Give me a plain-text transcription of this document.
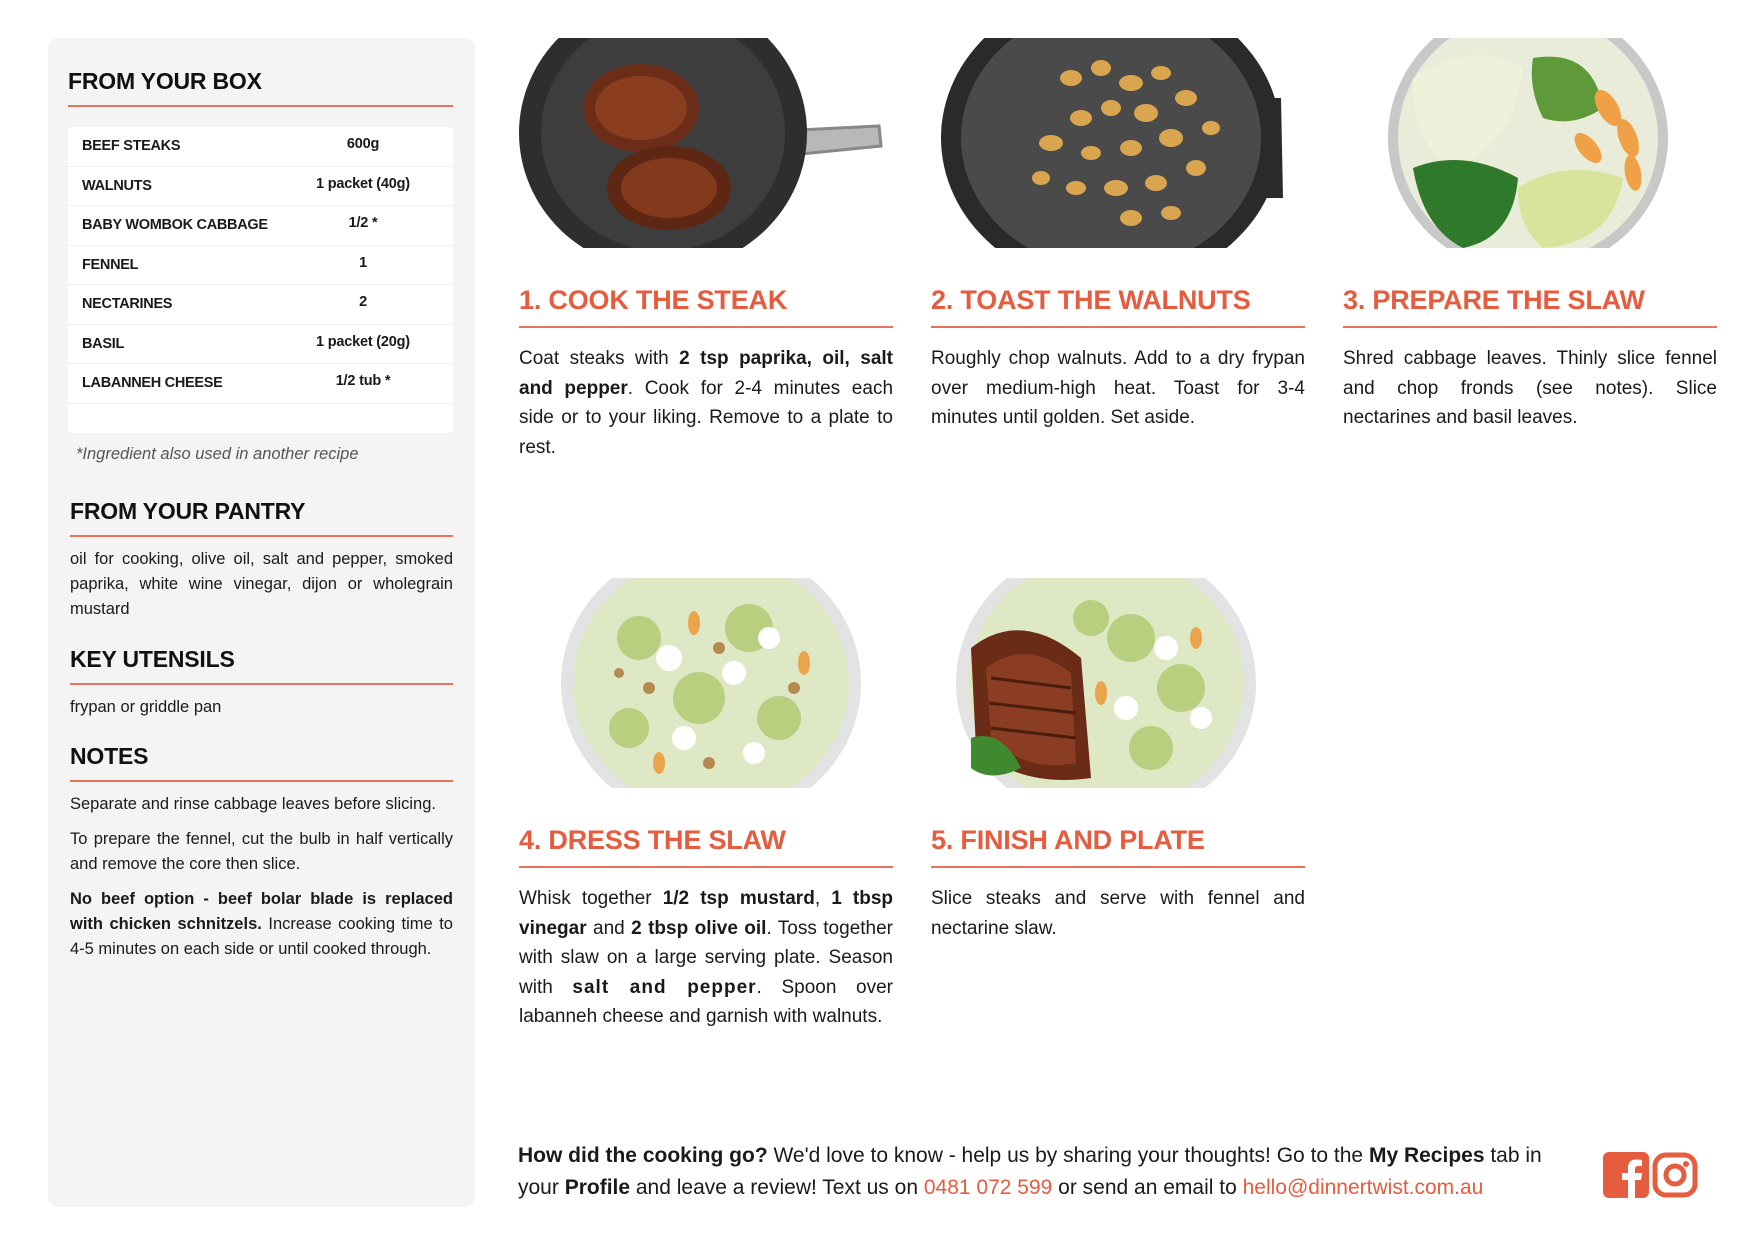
FROM YOUR BOX
BEEF STEAKS	600g
WALNUTS	1 packet (40g)
BABY WOMBOK CABBAGE	1/2 *
FENNEL	1
NECTARINES	2
BASIL	1 packet (20g)
LABANNEH CHEESE	1/2 tub *
*Ingredient also used in another recipe
FROM YOUR PANTRY
oil for cooking, olive oil, salt and pepper, smoked paprika, white wine vinegar, dijon or wholegrain mustard
KEY UTENSILS
frypan or griddle pan
NOTES

Separate and rinse cabbage leaves before slicing.

To prepare the fennel, cut the bulb in half vertically and remove the core then slice.

No beef option - beef bolar blade is replaced with chicken schnitzels. Increase cooking time to 4-5 minutes on each side or until cooked through.

1. COOK THE STEAK
Coat steaks with 2 tsp paprika, oil, salt and pepper. Cook for 2-4 minutes each side or to your liking. Remove to a plate to rest.
2. TOAST THE WALNUTS
Roughly chop walnuts. Add to a dry frypan over medium-high heat. Toast for 3-4 minutes until golden. Set aside.
3. PREPARE THE SLAW
Shred cabbage leaves. Thinly slice fennel and chop fronds (see notes). Slice nectarines and basil leaves.
4. DRESS THE SLAW
Whisk together 1/2 tsp mustard, 1 tbsp vinegar and 2 tbsp olive oil. Toss together with slaw on a large serving plate. Season with salt and pepper. Spoon over labanneh cheese and garnish with walnuts.
5. FINISH AND PLATE
Slice steaks and serve with fennel and nectarine slaw.
How did the cooking go? We'd love to know - help us by sharing your thoughts! Go to the My Recipes tab in your Profile and leave a review! Text us on 0481 072 599 or send an email to hello@dinnertwist.com.au
